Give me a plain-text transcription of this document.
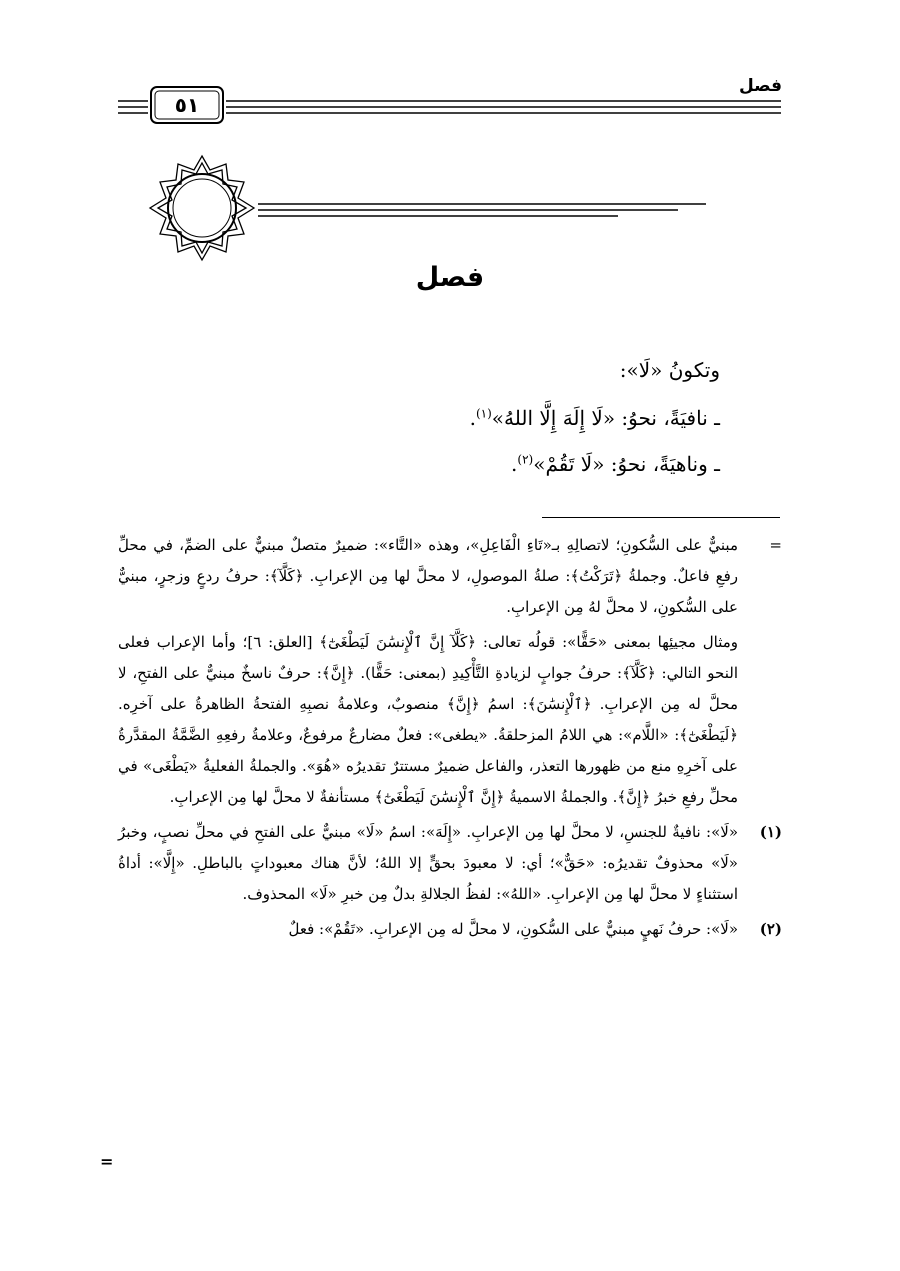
فصل
٥١
فصل
وتكونُ «لَا»:
ـ نافيَةً، نحوُ: «لَا إِلَهَ إِلَّا اللهُ»$^{(١)}$.
ـ وناهيَةً، نحوُ: «لَا تَقُمْ»$^{(٢)}$.
=
مبنيٌّ على السُّكونِ؛ لاتصالِهِ بـ«تَاءِ الْفَاعِلِ»، وهذه «التَّاء»: ضميرٌ متصلٌ مبنيٌّ على الضمِّ، في محلِّ رفعِ فاعلٌ. وجملةُ ﴿تَرَكْتُ﴾: صلةُ الموصولِ، لا محلَّ لها مِن الإعرابِ. ﴿كَلَّآ﴾: حرفُ ردعٍ وزجرٍ، مبنيٌّ على السُّكونِ، لا محلَّ لهُ مِن الإعرابِ.
ومثال مجيئِها بمعنى «حَقًّا»: قولُه تعالى: ﴿كَلَّآ إِنَّ ٱلْإِنسَٰنَ لَيَطْغَىٰٓ﴾ [العلق: ٦]؛ وأما الإعراب فعلى النحو التالي: ﴿كَلَّآ﴾: حرفُ جوابٍ لزيادةِ التَّأْكِيدِ (بمعنى: حَقًّا). ﴿إِنَّ﴾: حرفٌ ناسخٌ مبنيٌّ على الفتحِ، لا محلَّ له مِن الإعرابِ. ﴿ٱلْإِنسَٰنَ﴾: اسمُ ﴿إِنَّ﴾ منصوبٌ، وعلامةُ نصبِهِ الفتحةُ الظاهرةُ على آخرِه. ﴿لَيَطْغَىٰٓ﴾: «اللَّام»: هي اللامُ المزحلقةُ. «يطغى»: فعلٌ مضارعٌ مرفوعٌ، وعلامةُ رفعِهِ الضَّمَّةُ المقدَّرةُ على آخرِهِ منع من ظهورها التعذر، والفاعل ضميرٌ مستترٌ تقديرُه «هُوَ». والجملةُ الفعليةُ «يَطْغَى» في محلِّ رفعِ خبرُ ﴿إِنَّ﴾. والجملةُ الاسميةُ ﴿إِنَّ ٱلْإِنسَٰنَ لَيَطْغَىٰٓ﴾ مستأنفةٌ لا محلَّ لها مِن الإعرابِ.
(١)
«لَا»: نافيةٌ للجنسِ، لا محلَّ لها مِن الإعرابِ. «إِلَهَ»: اسمُ «لَا» مبنيٌّ على الفتحِ في محلِّ نصبٍ، وخبرُ «لَا» محذوفٌ تقديرُه: «حَقٌّ»؛ أي: لا معبودَ بحقٍّ إلا اللهُ؛ لأنَّ هناك معبوداتٍ بالباطلِ. «إِلَّا»: أداةُ استثناءٍ لا محلَّ لها مِن الإعرابِ. «اللهُ»: لفظُ الجلالةِ بدلٌ مِن خبرِ «لَا» المحذوف.
(٢)
«لَا»: حرفُ نَهيٍ مبنيٌّ على السُّكونِ، لا محلَّ له مِن الإعرابِ. «تَقُمْ»: فعلٌ
=
